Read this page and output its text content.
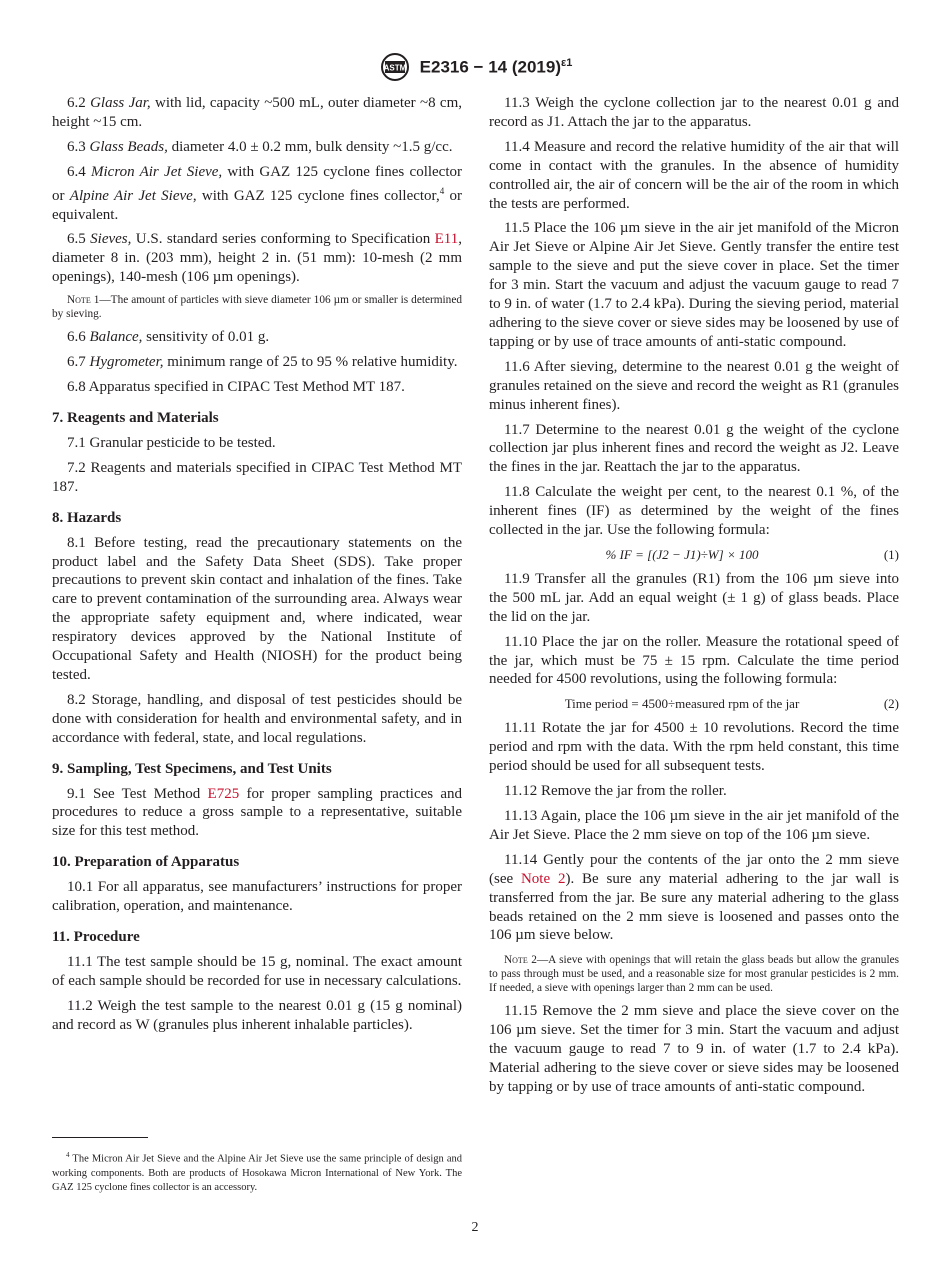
ASTM E2316 − 14 $(2019)^{\varepsilon 1}$

6.2 Glass Jar, with lid, capacity ~500 mL, outer diameter ~8 cm, height ~15 cm.

6.3 Glass Beads, diameter 4.0 ± 0.2 mm, bulk density ~1.5 g/cc.

6.4 Micron Air Jet Sieve, with GAZ 125 cyclone fines collector or Alpine Air Jet Sieve, with GAZ 125 cyclone fines collector,$^4$ or equivalent.

6.5 Sieves, U.S. standard series conforming to Specification E11, diameter 8 in. (203 mm), height 2 in. (51 mm): 10-mesh (2 mm openings), 140-mesh (106 µm openings).

Note 1—The amount of particles with sieve diameter 106 µm or smaller is determined by sieving.

6.6 Balance, sensitivity of 0.01 g.

6.7 Hygrometer, minimum range of 25 to 95 % relative humidity.

6.8 Apparatus specified in CIPAC Test Method MT 187.

7. Reagents and Materials

7.1 Granular pesticide to be tested.

7.2 Reagents and materials specified in CIPAC Test Method MT 187.

8. Hazards

8.1 Before testing, read the precautionary statements on the product label and the Safety Data Sheet (SDS). Take proper precautions to prevent skin contact and inhalation of the fines. Take care to prevent contamination of the surrounding area. Always wear the appropriate safety equipment and, where indicated, wear respiratory devices approved by the National Institute of Occupational Safety and Health (NIOSH) for the product being tested.

8.2 Storage, handling, and disposal of test pesticides should be done with consideration for health and environmental safety, and in accordance with federal, state, and local regulations.

9. Sampling, Test Specimens, and Test Units

9.1 See Test Method E725 for proper sampling practices and procedures to reduce a gross sample to a representative, suitable size for this test method.

10. Preparation of Apparatus

10.1 For all apparatus, see manufacturers’ instructions for proper calibration, operation, and maintenance.

11. Procedure

11.1 The test sample should be 15 g, nominal. The exact amount of each sample should be recorded for use in necessary calculations.

11.2 Weigh the test sample to the nearest 0.01 g (15 g nominal) and record as W (granules plus inherent inhalable particles).

$^4$ The Micron Air Jet Sieve and the Alpine Air Jet Sieve use the same principle of design and working components. Both are products of Hosokawa Micron International of New York. The GAZ 125 cyclone fines collector is an accessory.

11.3 Weigh the cyclone collection jar to the nearest 0.01 g and record as J1. Attach the jar to the apparatus.

11.4 Measure and record the relative humidity of the air that will come in contact with the granules. In the absence of humidity controlled air, the air of concern will be the air of the room in which the tests are performed.

11.5 Place the 106 µm sieve in the air jet manifold of the Micron Air Jet Sieve or Alpine Air Jet Sieve. Gently transfer the entire test sample to the sieve and put the sieve cover in place. Set the timer for 3 min. Start the vacuum and adjust the vacuum gauge to read 7 to 9 in. of water (1.7 to 2.4 kPa). During the sieving period, material adhering to the sieve cover or sieve sides may be loosened by use of tapping or by use of trace amounts of anti-static compound.

11.6 After sieving, determine to the nearest 0.01 g the weight of granules retained on the sieve and record the weight as R1 (granules minus inherent fines).

11.7 Determine to the nearest 0.01 g the weight of the cyclone collection jar plus inherent fines and record the weight as J2. Leave the fines in the jar. Reattach the jar to the apparatus.

11.8 Calculate the weight per cent, to the nearest 0.1 %, of the inherent fines (IF) as determined by the weight of the fines collected in the jar. Use the following formula:

% IF = [(J2 − J1)÷W] × 100	(1)

11.9 Transfer all the granules (R1) from the 106 µm sieve into the 500 mL jar. Add an equal weight (± 1 g) of glass beads. Place the lid on the jar.

11.10 Place the jar on the roller. Measure the rotational speed of the jar, which must be 75 ± 15 rpm. Calculate the time period needed for 4500 revolutions, using the following formula:

Time period = 4500÷measured rpm of the jar	(2)

11.11 Rotate the jar for 4500 ± 10 revolutions. Record the time period and rpm with the data. With the rpm held constant, this time period should be used for all subsequent tests.

11.12 Remove the jar from the roller.

11.13 Again, place the 106 µm sieve in the air jet manifold of the Air Jet Sieve. Place the 2 mm sieve on top of the 106 µm sieve.

11.14 Gently pour the contents of the jar onto the 2 mm sieve (see Note 2). Be sure any material adhering to the jar wall is transferred from the jar. Be sure any material adhering to the glass beads retained on the 2 mm sieve is loosened and passes onto the 106 µm sieve below.

Note 2—A sieve with openings that will retain the glass beads but allow the granules to pass through must be used, and a reasonable size for most granular pesticides is 2 mm. If needed, a sieve with openings larger than 2 mm can be used.

11.15 Remove the 2 mm sieve and place the sieve cover on the 106 µm sieve. Set the timer for 3 min. Start the vacuum and adjust the vacuum gauge to read 7 to 9 in. of water (1.7 to 2.4 kPa). Material adhering to the sieve cover or sieve sides may be loosened by tapping or by use of trace amounts of anti-static compound.

2
